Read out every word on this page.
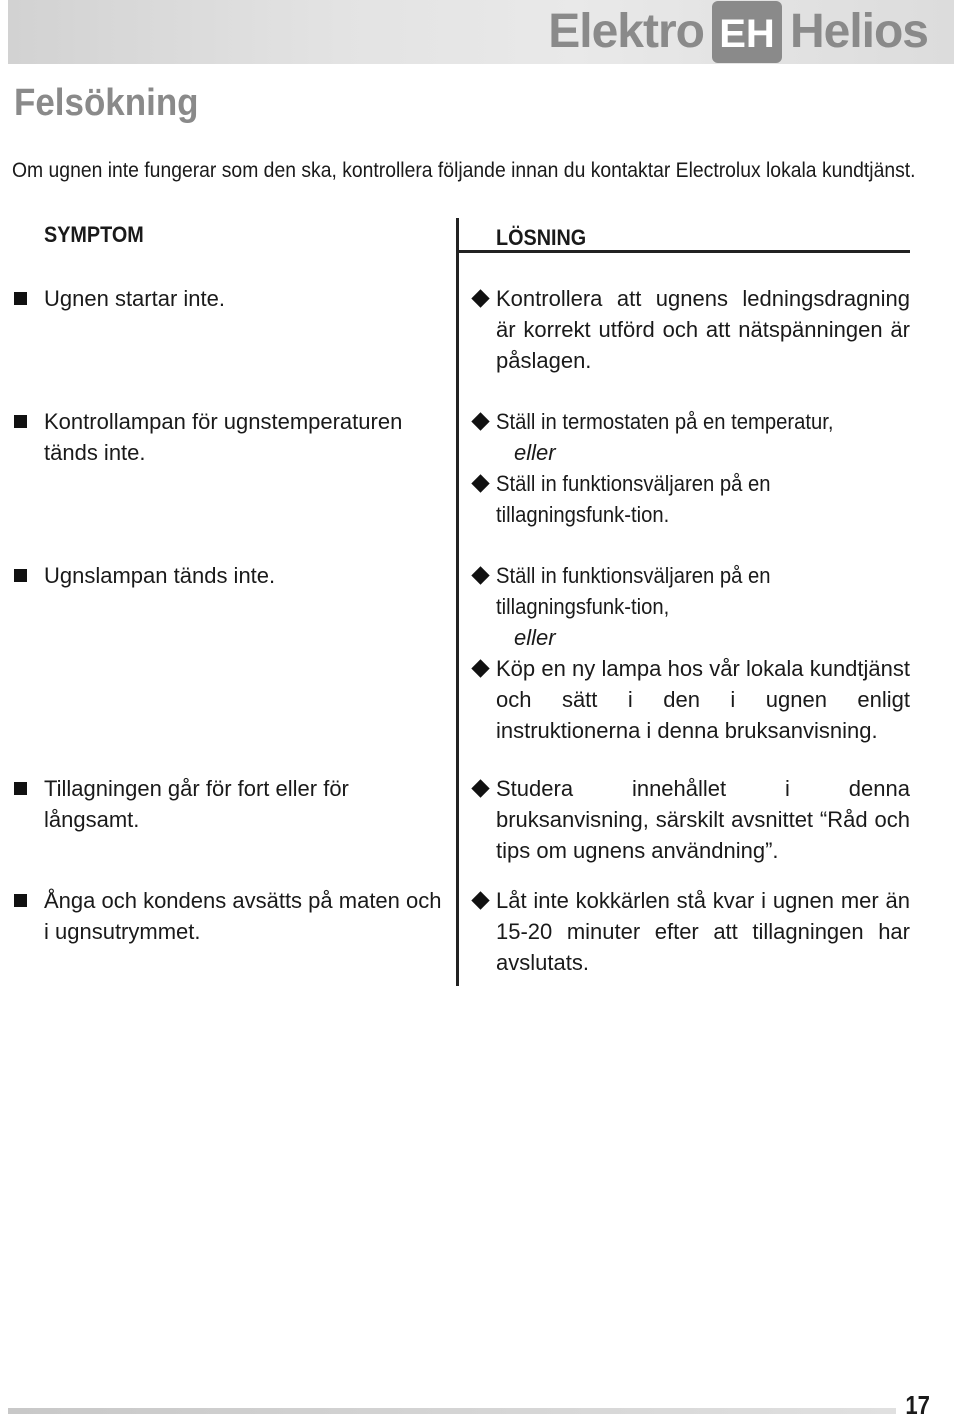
Elektro EH Helios
Felsökning

Om ugnen inte fungerar som den ska, kontrollera följande innan du kontaktar Electrolux lokala kundtjänst.

SYMPTOM	LÖSNING
Ugnen startar inte.
Kontrollampan för ugnstemperaturen tänds inte.
Ugnslampan tänds inte.
Tillagningen går för fort eller för långsamt.
Ånga och kondens avsätts på maten och i ugnsutrymmet.
Kontrollera att ugnens ledningsdragning är korrekt utförd och att nätspänningen är påslagen.
Ställ in termostaten på en temperatur,
eller
Ställ in funktionsväljaren på en tillagningsfunk-tion.
Ställ in funktionsväljaren på en tillagningsfunk-tion,
eller
Köp en ny lampa hos vår lokala kundtjänst och sätt i den i ugnen enligt instruktionerna i denna bruksanvisning.
Studera innehållet i denna bruksanvisning, särskilt avsnittet “Råd och tips om ugnens användning”.
Låt inte kokkärlen stå kvar i ugnen mer än 15-20 minuter efter att tillagningen har avslutats.
17
